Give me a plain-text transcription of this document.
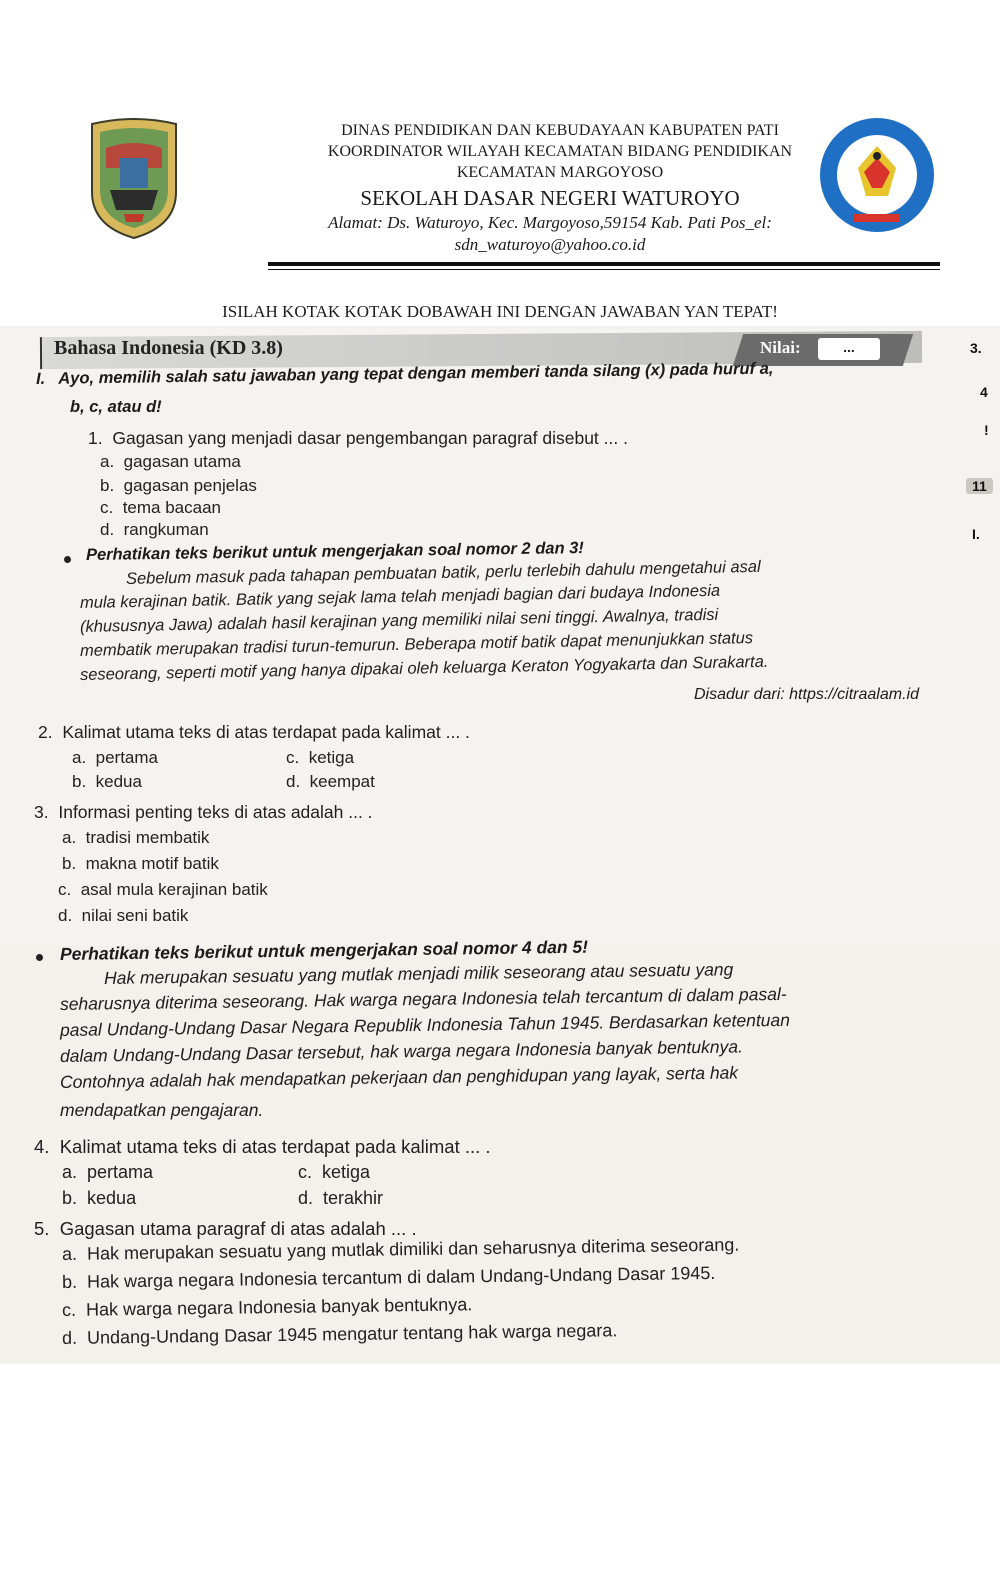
DINAS PENDIDIKAN DAN KEBUDAYAAN KABUPATEN PATI
KOORDINATOR WILAYAH KECAMATAN BIDANG PENDIDIKAN
KECAMATAN MARGOYOSO
SEKOLAH DASAR NEGERI WATUROYO
Alamat: Ds. Waturoyo, Kec. Margoyoso,59154 Kab. Pati Pos_el:
sdn_waturoyo@yahoo.co.id
ISILAH KOTAK KOTAK DOBAWAH INI DENGAN JAWABAN YAN TEPAT!
Bahasa Indonesia (KD 3.8)	Nilai:	...	3.
I. Ayo, memilih salah satu jawaban yang tepat dengan memberi tanda silang (x) pada huruf a,
b, c, atau d!
4
!
11
I.
1. Gagasan yang menjadi dasar pengembangan paragraf disebut ... .
a. gagasan utama
b. gagasan penjelas
c. tema bacaan
d. rangkuman
Perhatikan teks berikut untuk mengerjakan soal nomor 2 dan 3!
Sebelum masuk pada tahapan pembuatan batik, perlu terlebih dahulu mengetahui asal
mula kerajinan batik. Batik yang sejak lama telah menjadi bagian dari budaya Indonesia
(khususnya Jawa) adalah hasil kerajinan yang memiliki nilai seni tinggi. Awalnya, tradisi
membatik merupakan tradisi turun-temurun. Beberapa motif batik dapat menunjukkan status
seseorang, seperti motif yang hanya dipakai oleh keluarga Keraton Yogyakarta dan Surakarta.
Disadur dari: https://citraalam.id
2. Kalimat utama teks di atas terdapat pada kalimat ... .
a. pertama
b. kedua
c. ketiga
d. keempat
3. Informasi penting teks di atas adalah ... .
a. tradisi membatik
b. makna motif batik
c. asal mula kerajinan batik
d. nilai seni batik
Perhatikan teks berikut untuk mengerjakan soal nomor 4 dan 5!
Hak merupakan sesuatu yang mutlak menjadi milik seseorang atau sesuatu yang
seharusnya diterima seseorang. Hak warga negara Indonesia telah tercantum di dalam pasal-
pasal Undang-Undang Dasar Negara Republik Indonesia Tahun 1945. Berdasarkan ketentuan
dalam Undang-Undang Dasar tersebut, hak warga negara Indonesia banyak bentuknya.
Contohnya adalah hak mendapatkan pekerjaan dan penghidupan yang layak, serta hak
mendapatkan pengajaran.
4. Kalimat utama teks di atas terdapat pada kalimat ... .
a. pertama
b. kedua
c. ketiga
d. terakhir
5. Gagasan utama paragraf di atas adalah ... .
a. Hak merupakan sesuatu yang mutlak dimiliki dan seharusnya diterima seseorang.
b. Hak warga negara Indonesia tercantum di dalam Undang-Undang Dasar 1945.
c. Hak warga negara Indonesia banyak bentuknya.
d. Undang-Undang Dasar 1945 mengatur tentang hak warga negara.
